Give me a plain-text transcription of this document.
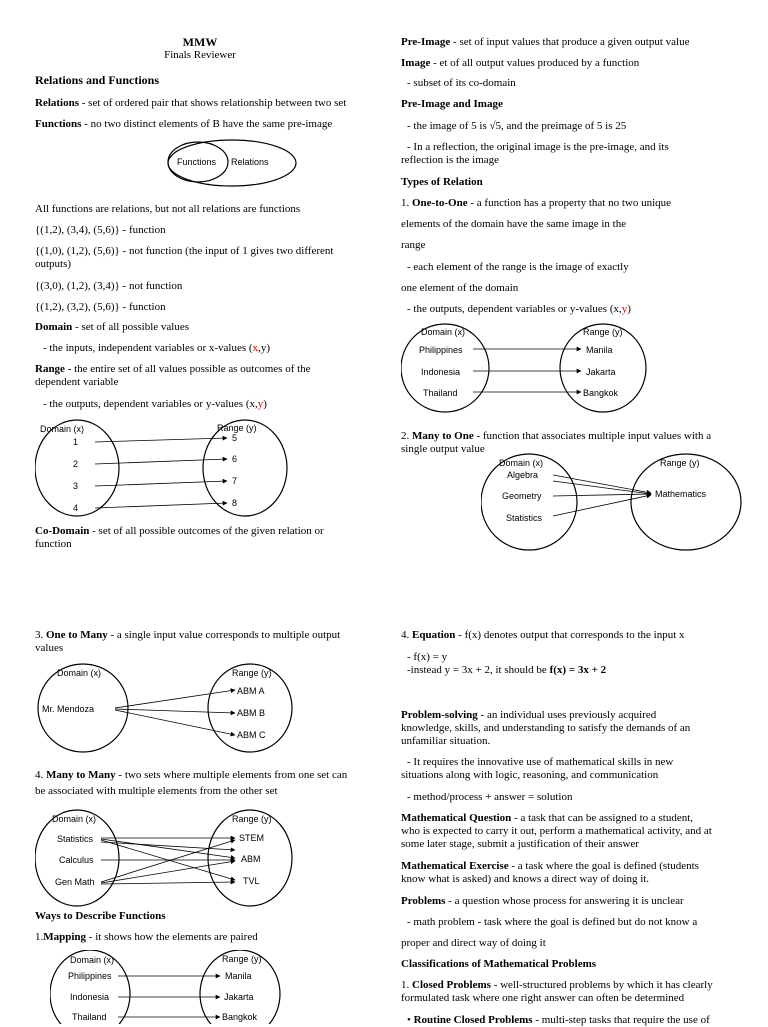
MMW
Finals Reviewer
Relations and Functions
Relations - set of ordered pair that shows relationship between two set
Functions - no two distinct elements of B have the same pre-image
Functions Relations
All functions are relations, but not all relations are functions
{(1,2), (3,4), (5,6)} - function
{(1,0), (1,2), (5,6)} - not function (the input of 1 gives two different
outputs)
{(3,0), (1,2), (3,4)} - not function
{(1,2), (3,2), (5,6)} - function
Domain - set of all possible values
- the inputs, independent variables or x-values (x,y)
Range - the entire set of all values possible as outcomes of the
dependent variable
- the outputs, dependent variables or y-values (x,y)
Domain (x)	Range (y)
1
2
3
4
5
6
7
8
Co-Domain - set of all possible outcomes of the given relation or
function
Pre-Image - set of input values that produce a given output value
Image - et of all output values produced by a function
- subset of its co-domain
Pre-Image and Image
- the image of 5 is √5, and the preimage of 5 is 25
- In a reflection, the original image is the pre-image, and its
reflection is the image
Types of Relation
1. One-to-One - a function has a property that no two unique
elements of the domain have the same image in the
range
- each element of the range is the image of exactly
one element of the domain
- the outputs, dependent variables or y-values (x,y)
Domain (x)	Range (y)
Philippines
Indonesia
Thailand
Manila
Jakarta
Bangkok
2. Many to One - function that associates multiple input values with a
single output value
Domain (x)	Range (y)
Algebra
Geometry
Statistics
Mathematics
3. One to Many - a single input value corresponds to multiple output
values
Domain (x)	Range (y)
Mr. Mendoza
ABM A
ABM B
ABM C
4. Many to Many - two sets where multiple elements from one set can
be associated with multiple elements from the other set
Domain (x)	Range (y)
Statistics
Calculus
Gen Math
STEM
ABM
TVL
Ways to Describe Functions
1.Mapping - it shows how the elements are paired
Domain (x)	Range (y)
Philippines
Indonesia
Thailand
Manila
Jakarta
Bangkok
4. Equation - f(x) denotes output that corresponds to the input x
- f(x) = y
-instead y = 3x + 2, it should be f(x) = 3x + 2
Problem-solving - an individual uses previously acquired
knowledge, skills, and understanding to satisfy the demands of an
unfamiliar situation.
- It requires the innovative use of mathematical skills in new
situations along with logic, reasoning, and communication
- method/process + answer = solution
Mathematical Question - a task that can be assigned to a student,
who is expected to carry it out, perform a mathematical activity, and at
some later stage, submit a justification of their answer
Mathematical Exercise - a task where the goal is defined (students
know what is asked) and knows a direct way of doing it.
Problems - a question whose process for answering it is unclear
- math problem - task where the goal is defined but do not know a
proper and direct way of doing it
Classifications of Mathematical Problems
1. Closed Problems - well-structured problems by which it has clearly
formulated task where one right answer can often be determined
• Routine Closed Problems - multi-step tasks that require the use of
